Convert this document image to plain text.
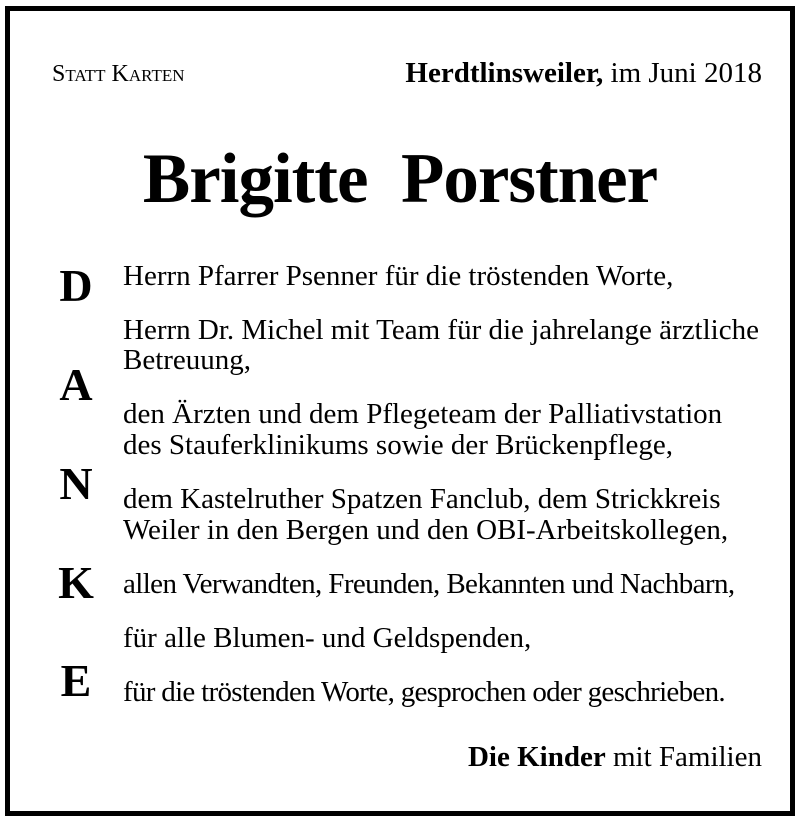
Statt Karten	Herdtlinsweiler, im Juni 2018
Brigitte  Porstner
D
A
N
K
E
Herrn Pfarrer Psenner für die tröstenden Worte,
Herrn Dr. Michel mit Team für die jahrelange ärztliche
Betreuung,
den Ärzten und dem Pflegeteam der Palliativstation
des Stauferklinikums sowie der Brückenpflege,
dem Kastelruther Spatzen Fanclub, dem Strickkreis
Weiler in den Bergen und den OBI-Arbeitskollegen,
allen Verwandten, Freunden, Bekannten und Nachbarn,
für alle Blumen- und Geldspenden,
für die tröstenden Worte, gesprochen oder geschrieben.
Die Kinder mit Familien
